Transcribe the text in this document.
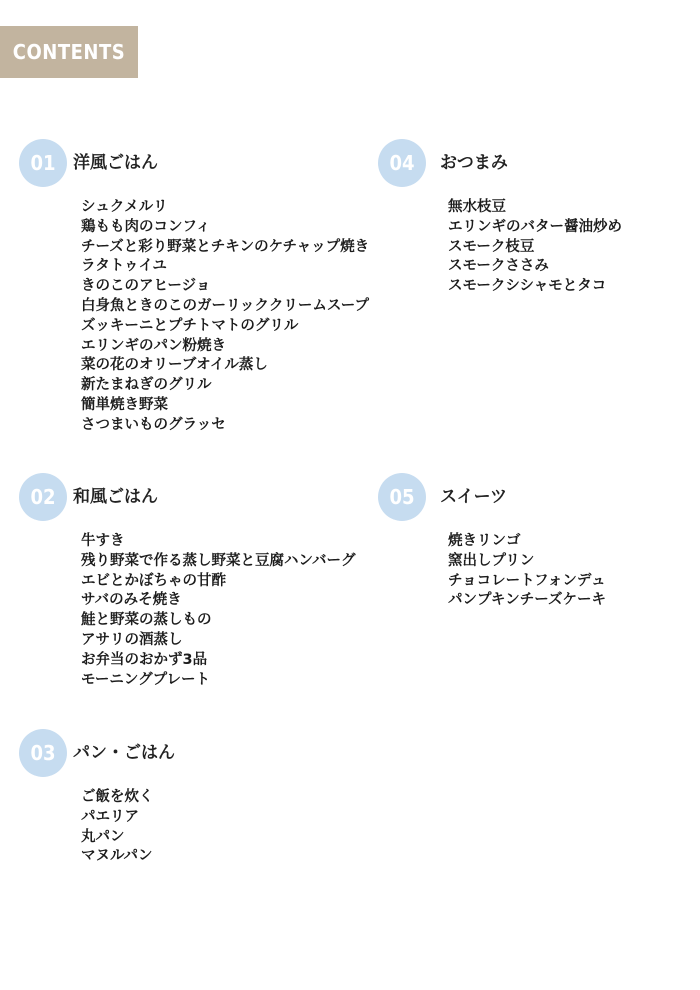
CONTENTS
01	洋風ごはん
シュクメルリ
鶏もも肉のコンフィ
チーズと彩り野菜とチキンのケチャップ焼き
ラタトゥイユ
きのこのアヒージョ
白身魚ときのこのガーリッククリームスープ
ズッキーニとプチトマトのグリル
エリンギのパン粉焼き
菜の花のオリーブオイル蒸し
新たまねぎのグリル
簡単焼き野菜
さつまいものグラッセ
02	和風ごはん
牛すき
残り野菜で作る蒸し野菜と豆腐ハンバーグ
エビとかぼちゃの甘酢
サバのみそ焼き
鮭と野菜の蒸しもの
アサリの酒蒸し
お弁当のおかず3品
モーニングプレート
03	パン・ごはん
ご飯を炊く
パエリア
丸パン
マヌルパン
04	おつまみ
無水枝豆
エリンギのバター醤油炒め
スモーク枝豆
スモークささみ
スモークシシャモとタコ
05	スイーツ
焼きリンゴ
窯出しプリン
チョコレートフォンデュ
パンプキンチーズケーキ
